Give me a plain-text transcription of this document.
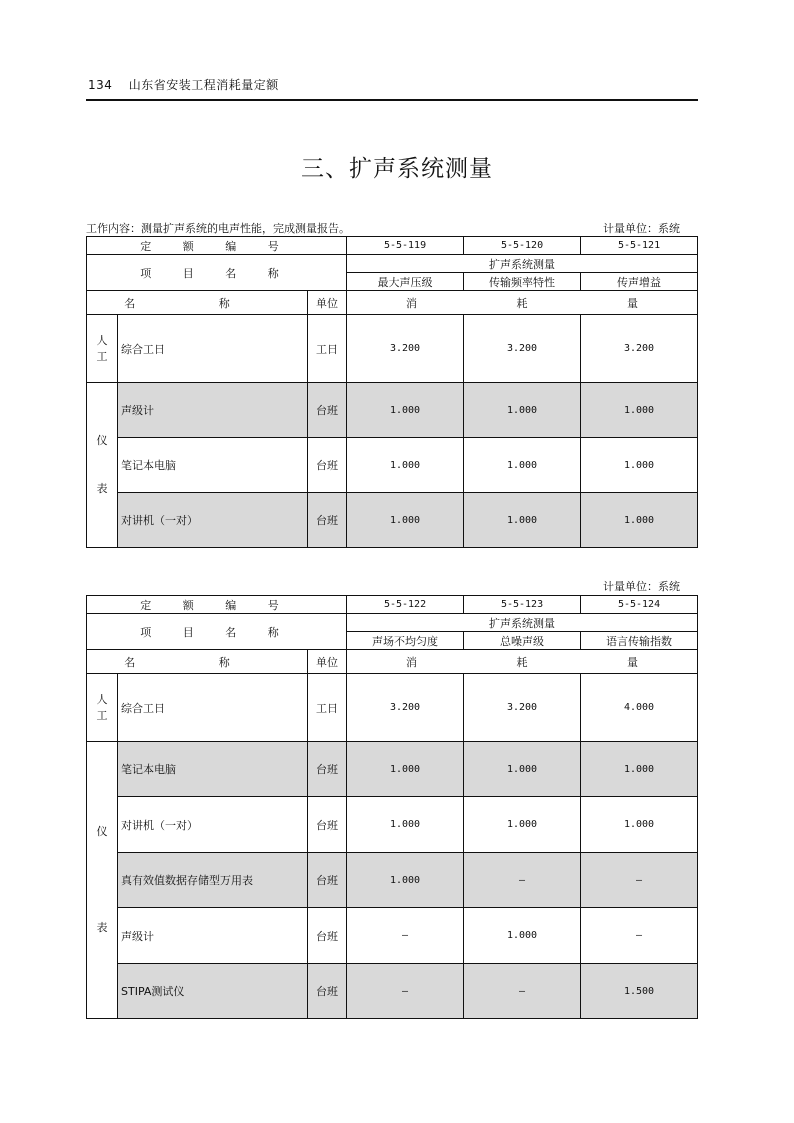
134 山东省安装工程消耗量定额
三、扩声系统测量
工作内容：测量扩声系统的电声性能，完成测量报告。	计量单位：系统
定 额 编 号			5-5-119	5-5-120	5-5-121
项 目 名 称			扩声系统测量		
			最大声压级	传输频率特性	传声增益
名 称		单位	消 耗 量		
人
工	综合工日	工日	3.200	3.200	3.200
仪

表	声级计	台班	1.000	1.000	1.000
	笔记本电脑	台班	1.000	1.000	1.000
	对讲机（一对）	台班	1.000	1.000	1.000
计量单位：系统
定 额 编 号			5-5-122	5-5-123	5-5-124
项 目 名 称			扩声系统测量		
			声场不均匀度	总噪声级	语言传输指数
名 称		单位	消 耗 量		
人
工	综合工日	工日	3.200	3.200	4.000
仪

表	笔记本电脑	台班	1.000	1.000	1.000
	对讲机（一对）	台班	1.000	1.000	1.000
	真有效值数据存储型万用表	台班	1.000	—	—
	声级计	台班	—	1.000	—
	STIPA测试仪	台班	—	—	1.500
